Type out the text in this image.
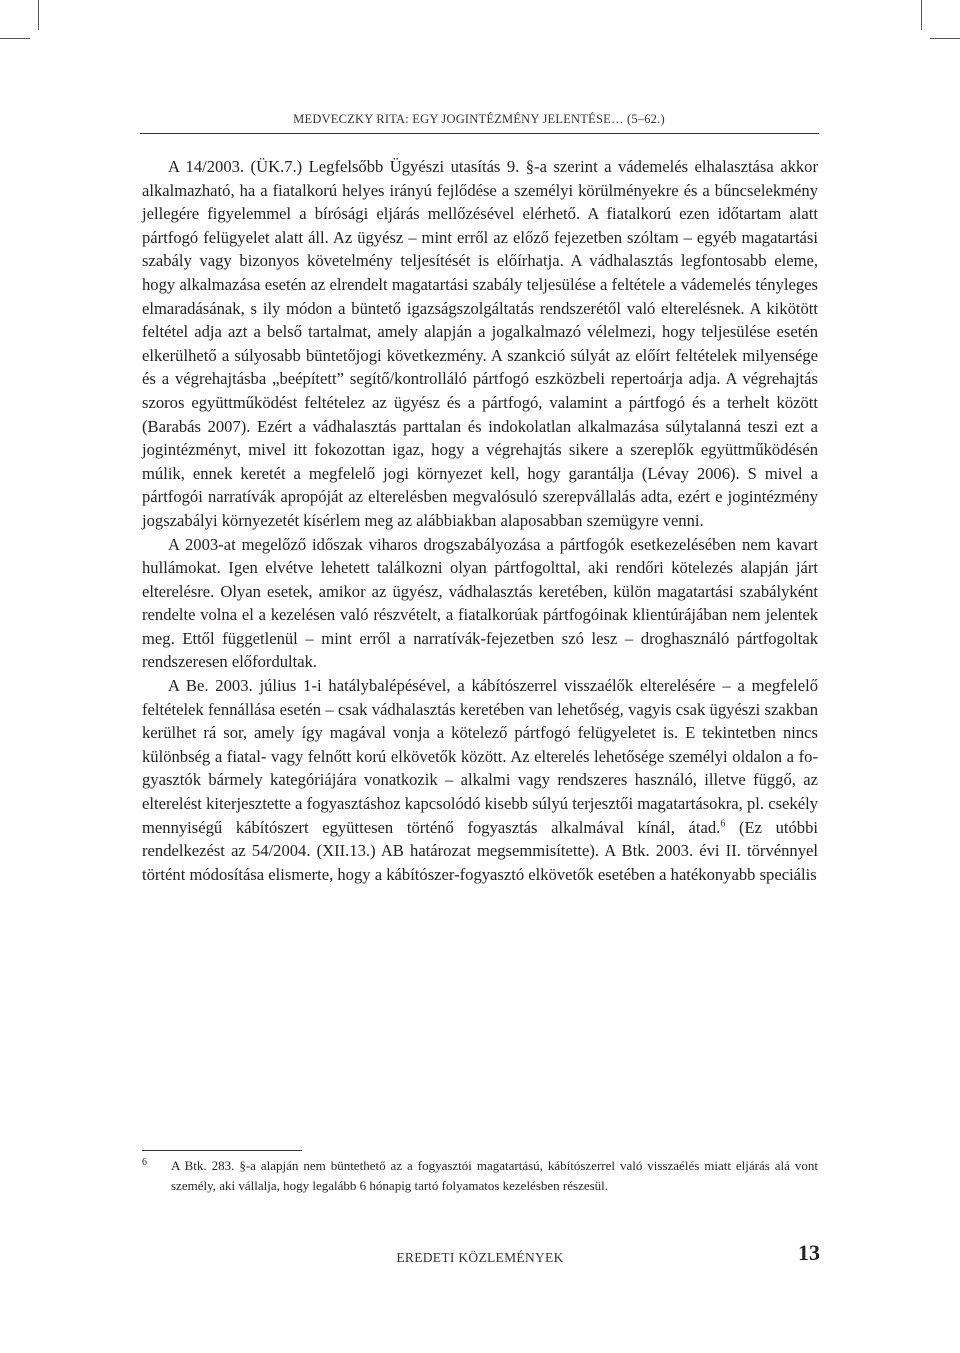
MEDVECZKY RITA: EGY JOGINTÉZMÉNY JELENTÉSE… (5–62.)

A 14/2003. (ÜK.7.) Legfelsőbb Ügyészi utasítás 9. §-a szerint a vádemelés elhalasztása akkor alkalmazható, ha a fiatalkorú helyes irányú fejlődése a személyi körülményekre és a bűncselekmény jellegére figyelemmel a bírósági eljárás mellőzésével elérhető. A fiatalkorú ezen időtartam alatt pártfogó felügyelet alatt áll. Az ügyész – mint erről az előző fejezetben szóltam – egyéb magatartási szabály vagy bizonyos követelmény teljesítését is előírhatja. A vádhalasztás legfontosabb eleme, hogy alkalmazása esetén az elrendelt magatartási szabály teljesülése a feltétele a vádemelés tényleges elmaradásának, s ily módon a büntető igazságszolgáltatás rendszerétől való elterelésnek. A kikötött feltétel adja azt a belső tartalmat, amely alapján a jogalkalmazó vélelmezi, hogy teljesülése esetén elkerülhető a súlyosabb büntetőjogi következmény. A szankció súlyát az előírt feltételek milyensége és a végrehajtásba „beépített” segítő/kontrolláló pártfogó eszközbeli repertoárja adja. A végrehajtás szoros együttműködést feltételez az ügyész és a pártfogó, valamint a pártfogó és a terhelt között (Barabás 2007). Ezért a vádhalasztás parttalan és indokolatlan alkalmazása súlytalanná teszi ezt a jogintézményt, mivel itt fokozottan igaz, hogy a végrehajtás sikere a szereplők együttműködésén múlik, ennek keretét a megfelelő jogi környezet kell, hogy garantálja (Lévay 2006). S mivel a pártfogói narratívák apropóját az elterelésben megvalósuló szerepvállalás adta, ezért e jogintézmény jogszabályi környezetét kísérlem meg az alábbiakban alaposabban szemügyre venni.

A 2003-at megelőző időszak viharos drogszabályozása a pártfogók esetkezelésében nem kavart hullámokat. Igen elvétve lehetett találkozni olyan pártfogolttal, aki rendőri kötelezés alapján járt elterelésre. Olyan esetek, amikor az ügyész, vádhalasztás keretében, külön magatartási szabályként rendelte volna el a kezelésen való részvételt, a fiatalkorúak pártfogóinak klientúrájában nem jelentek meg. Ettől függetlenül – mint erről a narratívák-fejezetben szó lesz – droghasználó pártfogoltak rendszeresen előfordultak.

A Be. 2003. július 1-i hatálybalépésével, a kábítószerrel visszaélők elterelésére – a megfelelő feltételek fennállása esetén – csak vádhalasztás keretében van lehetőség, vagyis csak ügyészi szakban kerülhet rá sor, amely így magával vonja a kötelező pártfogó felügyeletet is. E tekintetben nincs különbség a fiatal- vagy felnőtt korú elkövetők között. Az elterelés lehetősége személyi oldalon a fogyasztók bármely kategóriájára vonatkozik – alkalmi vagy rendszeres használó, illetve függő, az elterelést kiterjesztette a fogyasztáshoz kapcsolódó kisebb súlyú terjesztői magatartásokra, pl. csekély mennyiségű kábítószert együttesen történő fogyasztás alkalmával kínál, átad.$^6$ (Ez utóbbi rendelkezést az 54/2004. (XII.13.) AB határozat megsemmisítette). A Btk. 2003. évi II. törvénnyel történt módosítása elismerte, hogy a kábítószer-fogyasztó elkövetők esetében a hatékonyabb speciális

6 A Btk. 283. §-a alapján nem büntethető az a fogyasztói magatartású, kábítószerrel való visszaélés miatt eljárás alá vont személy, aki vállalja, hogy legalább 6 hónapig tartó folyamatos kezelésben részesül.
EREDETI KÖZLEMÉNYEK	13
